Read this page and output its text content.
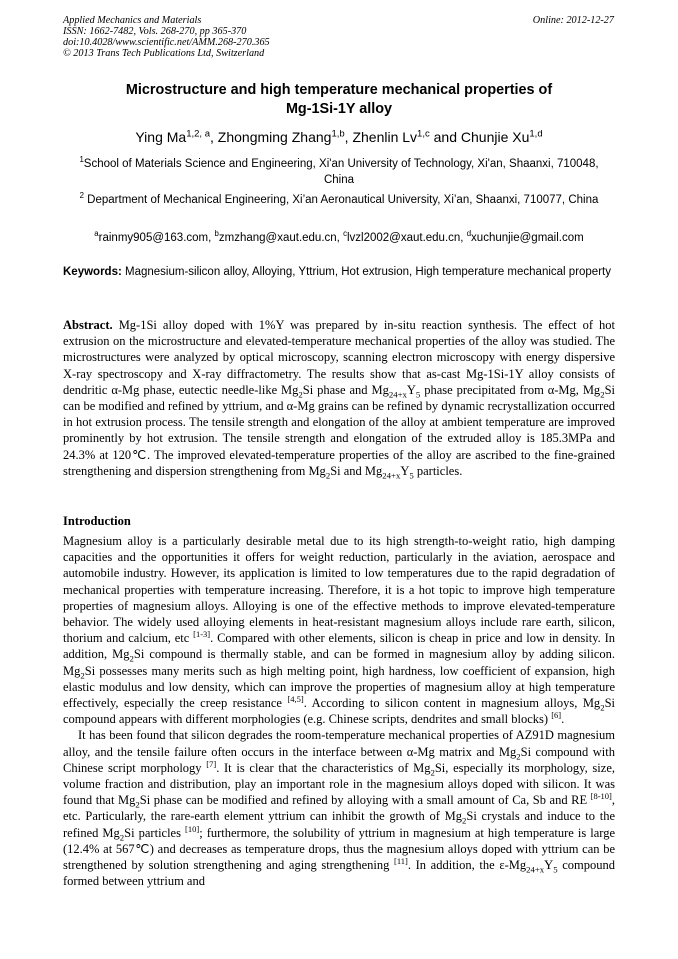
Applied Mechanics and Materials
ISSN: 1662-7482, Vols. 268-270, pp 365-370
doi:10.4028/www.scientific.net/AMM.268-270.365
© 2013 Trans Tech Publications Ltd, Switzerland
Online: 2012-12-27
Microstructure and high temperature mechanical properties of
Mg-1Si-1Y alloy
Ying Ma$^{1,2, a}$, Zhongming Zhang$^{1,b}$, Zhenlin Lv$^{1,c}$ and Chunjie Xu$^{1,d}$
$^1$School of Materials Science and Engineering, Xi'an University of Technology, Xi'an, Shaanxi, 710048, China
$^2$ Department of Mechanical Engineering, Xi’an Aeronautical University, Xi’an, Shaanxi, 710077, China
$^a$rainmy905@163.com, $^b$zmzhang@xaut.edu.cn, $^c$lvzl2002@xaut.edu.cn, $^d$xuchunjie@gmail.com
Keywords: Magnesium-silicon alloy, Alloying, Yttrium, Hot extrusion, High temperature mechanical property
Abstract. Mg-1Si alloy doped with 1%Y was prepared by in-situ reaction synthesis. The effect of hot extrusion on the microstructure and elevated-temperature mechanical properties of the alloy was studied. The microstructures were analyzed by optical microscopy, scanning electron microscopy with energy dispersive X-ray spectroscopy and X-ray diffractometry. The results show that as-cast Mg-1Si-1Y alloy consists of dendritic α-Mg phase, eutectic needle-like $Mg_2Si$ phase and $Mg_{24+x}Y_5$ phase precipitated from α-Mg, $Mg_2Si$ can be modified and refined by yttrium, and α-Mg grains can be refined by dynamic recrystallization occurred in hot extrusion process. The tensile strength and elongation of the alloy at ambient temperature are improved prominently by hot extrusion. The tensile strength and elongation of the extruded alloy is 185.3MPa and 24.3% at 120℃. The improved elevated-temperature properties of the alloy are ascribed to the fine-grained strengthening and dispersion strengthening from $Mg_2Si$ and $Mg_{24+x}Y_5$ particles.
Introduction

Magnesium alloy is a particularly desirable metal due to its high strength-to-weight ratio, high damping capacities and the opportunities it offers for weight reduction, particularly in the aviation, aerospace and automobile industry. However, its application is limited to low temperatures due to the rapid degradation of mechanical properties with temperature increasing. Therefore, it is a hot topic to improve high temperature properties of magnesium alloys. Alloying is one of the effective methods to improve elevated-temperature behavior. The widely used alloying elements in heat-resistant magnesium alloys include rare earth, silicon, thorium and calcium, etc [1-3]. Compared with other elements, silicon is cheap in price and low in density. In addition, $Mg_2Si$ compound is thermally stable, and can be formed in magnesium alloy by adding silicon. $Mg_2Si$ possesses many merits such as high melting point, high hardness, low coefficient of expansion, high elastic modulus and low density, which can improve the properties of magnesium alloy at high temperature effectively, especially the creep resistance [4,5]. According to silicon content in magnesium alloys, $Mg_2Si$ compound appears with different morphologies (e.g. Chinese scripts, dendrites and small blocks) [6].

It has been found that silicon degrades the room-temperature mechanical properties of AZ91D magnesium alloy, and the tensile failure often occurs in the interface between α-Mg matrix and $Mg_2Si$ compound with Chinese script morphology [7]. It is clear that the characteristics of $Mg_2Si$, especially its morphology, size, volume fraction and distribution, play an important role in the magnesium alloys doped with silicon. It was found that $Mg_2Si$ phase can be modified and refined by alloying with a small amount of Ca, Sb and RE [8-10], etc. Particularly, the rare-earth element yttrium can inhibit the growth of $Mg_2Si$ crystals and induce to the refined $Mg_2Si$ particles [10]; furthermore, the solubility of yttrium in magnesium at high temperature is large (12.4% at 567℃) and decreases as temperature drops, thus the magnesium alloys doped with yttrium can be strengthened by solution strengthening and aging strengthening [11]. In addition, the $\varepsilon-Mg_{24+x}Y_5$ compound formed between yttrium and
